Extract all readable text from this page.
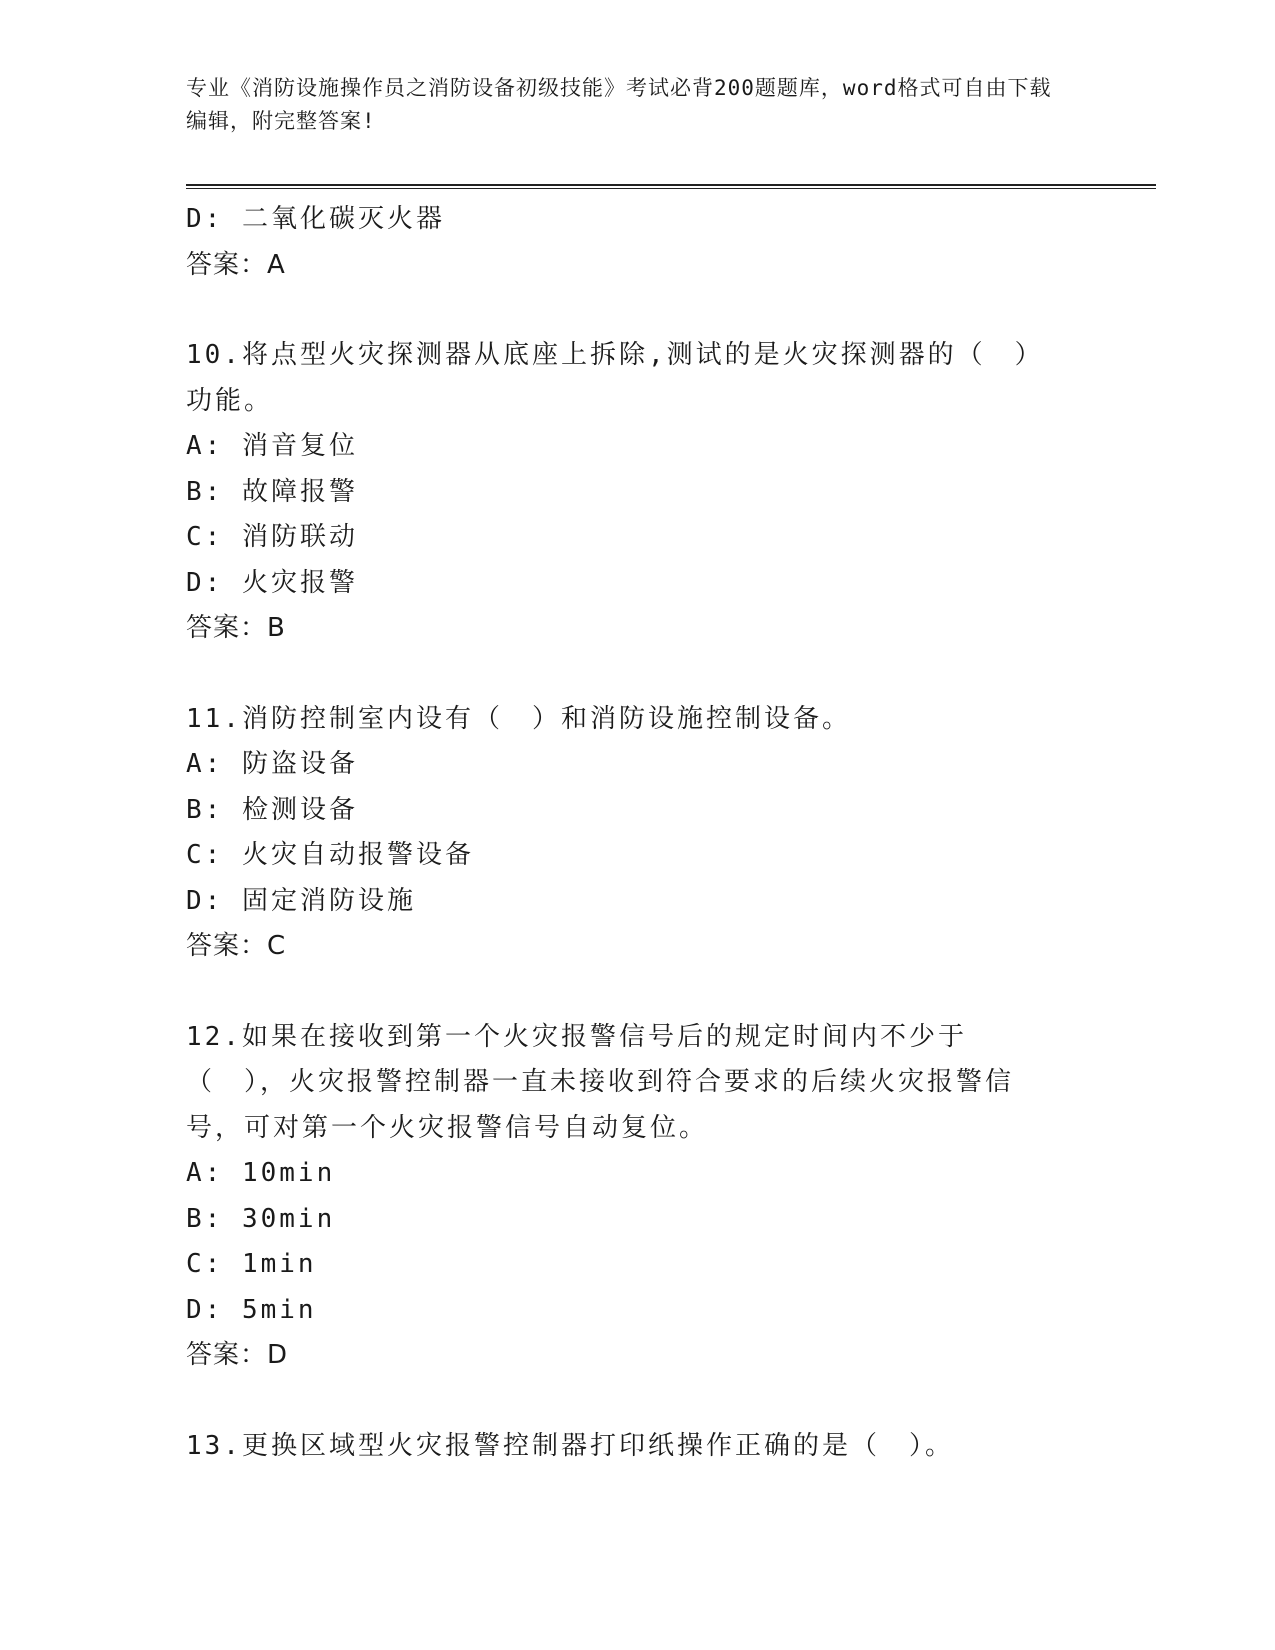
专业《消防设施操作员之消防设备初级技能》考试必背200题题库，word格式可自由下载编辑，附完整答案!

D: 二氧化碳灭火器

答案：A

10.将点型火灾探测器从底座上拆除,测试的是火灾探测器的（　）功能。

A: 消音复位

B: 故障报警

C: 消防联动

D: 火灾报警

答案：B

11.消防控制室内设有（　）和消防设施控制设备。

A: 防盗设备

B: 检测设备

C: 火灾自动报警设备

D: 固定消防设施

答案：C

12.如果在接收到第一个火灾报警信号后的规定时间内不少于（　），火灾报警控制器一直未接收到符合要求的后续火灾报警信号，可对第一个火灾报警信号自动复位。

A: 10min

B: 30min

C: 1min

D: 5min

答案：D

13.更换区域型火灾报警控制器打印纸操作正确的是（　）。
